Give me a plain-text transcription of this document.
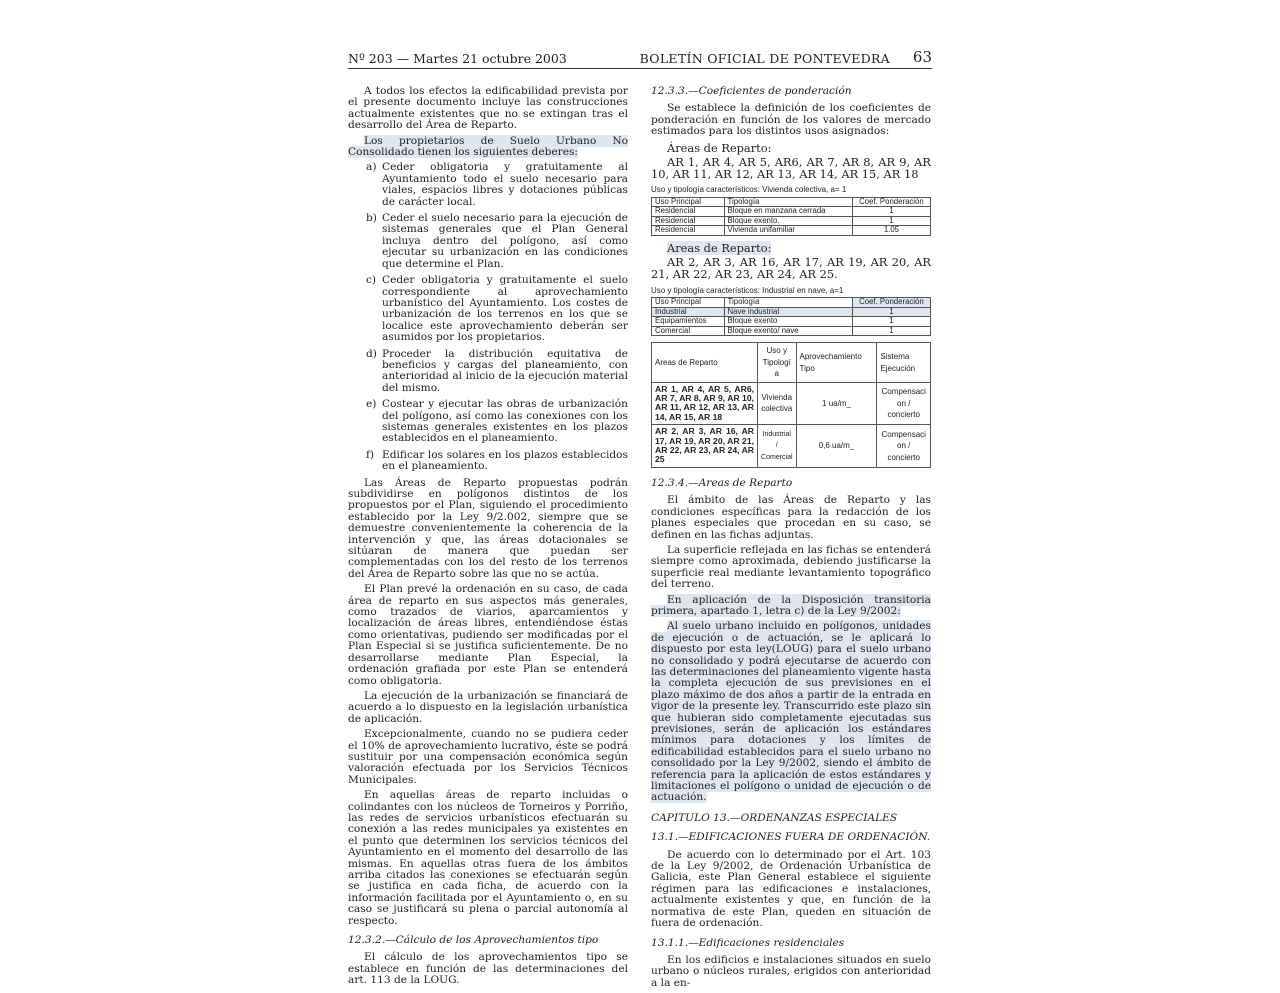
Nº 203 — Martes 21 octubre 2003	BOLETÍN OFICIAL DE PONTEVEDRA 63

A todos los efectos la edificabilidad prevista por el presente documento incluye las construcciones actualmente existentes que no se extingan tras el desarrollo del Área de Reparto.

Los propietarios de Suelo Urbano No Consolidado tienen los siguientes deberes:

a) Ceder obligatoria y gratuitamente al Ayuntamiento todo el suelo necesario para viales, espacios libres y dotaciones públicas de carácter local.
b) Ceder el suelo necesario para la ejecución de sistemas generales que el Plan General incluya dentro del polígono, así como ejecutar su urbanización en las condiciones que determine el Plan.
c) Ceder obligatoria y gratuitamente el suelo correspondiente al aprovechamiento urbanístico del Ayuntamiento. Los costes de urbanización de los terrenos en los que se localice este aprovechamiento deberán ser asumidos por los propietarios.
d) Proceder la distribución equitativa de beneficios y cargas del planeamiento, con anterioridad al inicio de la ejecución material del mismo.
e) Costear y ejecutar las obras de urbanización del polígono, así como las conexiones con los sistemas generales existentes en los plazos establecidos en el planeamiento.
f) Edificar los solares en los plazos establecidos en el planeamiento.

Las Áreas de Reparto propuestas podrán subdividirse en polígonos distintos de los propuestos por el Plan, siguiendo el procedimiento establecido por la Ley 9/2.002, siempre que se demuestre convenientemente la coherencia de la intervención y que, las áreas dotacionales se sitúaran de manera que puedan ser complementadas con los del resto de los terrenos del Área de Reparto sobre las que no se actúa.

El Plan prevé la ordenación en su caso, de cada área de reparto en sus aspectos más generales, como trazados de viarios, aparcamientos y localización de áreas libres, entendiéndose éstas como orientativas, pudiendo ser modificadas por el Plan Especial si se justifica suficientemente. De no desarrollarse mediante Plan Especial, la ordenación grafiada por este Plan se entenderá como obligatoria.

La ejecución de la urbanización se financiará de acuerdo a lo dispuesto en la legislación urbanística de aplicación.

Excepcionalmente, cuando no se pudiera ceder el 10% de aprovechamiento lucrativo, éste se podrá sustituir por una compensación económica según valoración efectuada por los Servicios Técnicos Municipales.

En aquellas áreas de reparto incluidas o colindantes con los núcleos de Torneiros y Porriño, las redes de servicios urbanísticos efectuarán su conexión a las redes municipales ya existentes en el punto que determinen los servicios técnicos del Ayuntamiento en el momento del desarrollo de las mismas. En aquellas otras fuera de los ámbitos arriba citados las conexiones se efectuarán según se justifica en cada ficha, de acuerdo con la información facilitada por el Ayuntamiento o, en su caso se justificará su plena o parcial autonomía al respecto.

12.3.2.—Cálculo de los Aprovechamientos tipo

El cálculo de los aprovechamientos tipo se establece en función de las determinaciones del art. 113 de la LOUG.

12.3.3.—Coeficientes de ponderación

Se establece la definición de los coeficientes de ponderación en función de los valores de mercado estimados para los distintos usos asignados:

Áreas de Reparto:

AR 1, AR 4, AR 5, AR6, AR 7, AR 8, AR 9, AR 10, AR 11, AR 12, AR 13, AR 14, AR 15, AR 18

Uso y tipología característicos: Vivienda colectiva, a= 1
Uso Principal	Tipología	Coef. Ponderación
Residencial	Bloque en manzana cerrada	1
Residencial	Bloque exento.	1
Residencial	Vivienda unifamiliar	1.05

Areas de Reparto:

AR 2, AR 3, AR 16, AR 17, AR 19, AR 20, AR 21, AR 22, AR 23, AR 24, AR 25.

Uso y tipología característicos: Industrial en nave, a=1
Uso Principal	Tipología	Coef. Ponderación
Industrial	Nave industrial	1
Equipamientos	Bloque exento	1
Comercial	Bloque exento/ nave	1
Areas de Reparto	Uso y Tipologí a	Aprovechamiento Tipo	Sistema Ejecución
AR 1, AR 4, AR 5, AR6, AR 7, AR 8, AR 9, AR 10, AR 11, AR 12, AR 13, AR 14, AR 15, AR 18	Vivienda colectiva	1 ua/m_	Compensaci on / concierto
AR 2, AR 3, AR 16, AR 17, AR 19, AR 20, AR 21, AR 22, AR 23, AR 24, AR 25	Industrial / Comercial	0,6 ua/m_	Compensaci on / concierto

12.3.4.—Areas de Reparto

El ámbito de las Áreas de Reparto y las condiciones específicas para la redacción de los planes especiales que procedan en su caso, se definen en las fichas adjuntas.

La superficie reflejada en las fichas se entenderá siempre como aproximada, debiendo justificarse la superficie real mediante levantamiento topográfico del terreno.

En aplicación de la Disposición transitoria primera, apartado 1, letra c) de la Ley 9/2002:

Al suelo urbano incluido en polígonos, unidades de ejecución o de actuación, se le aplicará lo dispuesto por esta ley(LOUG) para el suelo urbano no consolidado y podrá ejecutarse de acuerdo con las determinaciones del planeamiento vigente hasta la completa ejecución de sus previsiones en el plazo máximo de dos años a partir de la entrada en vigor de la presente ley. Transcurrido este plazo sin que hubieran sido completamente ejecutadas sus previsiones, serán de aplicación los estándares mínimos para dotaciones y los límites de edificabilidad establecidos para el suelo urbano no consolidado por la Ley 9/2002, siendo el ámbito de referencia para la aplicación de estos estándares y limitaciones el polígono o unidad de ejecución o de actuación.

CAPITULO 13.—ORDENANZAS ESPECIALES

13.1.—EDIFICACIONES FUERA DE ORDENACIÓN.

De acuerdo con lo determinado por el Art. 103 de la Ley 9/2002, de Ordenación Urbanística de Galicia, este Plan General establece el siguiente régimen para las edificaciones e instalaciones, actualmente existentes y que, en función de la normativa de este Plan, queden en situación de fuera de ordenación.

13.1.1.—Edificaciones residenciales

En los edificios e instalaciones situados en suelo urbano o núcleos rurales, erigidos con anterioridad a la en-
